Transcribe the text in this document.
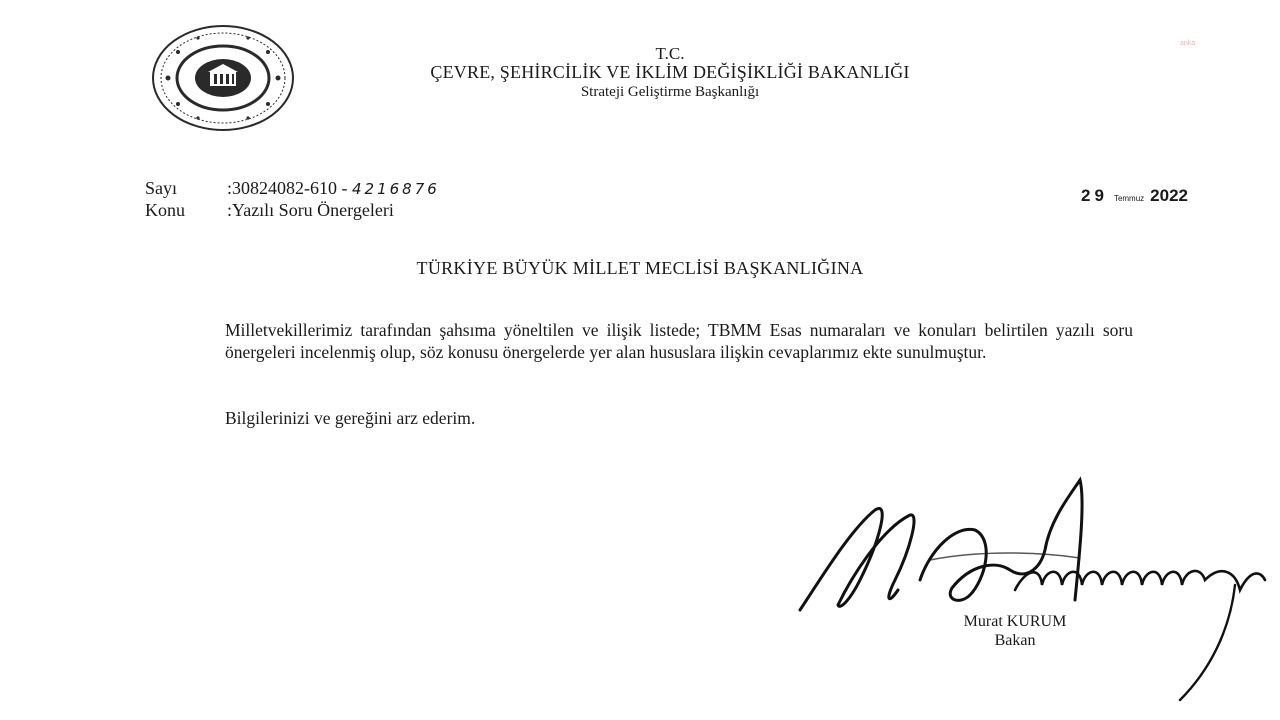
anka
T.C.
ÇEVRE, ŞEHİRCİLİK VE İKLİM DEĞİŞİKLİĞİ BAKANLIĞI
Strateji Geliştirme Başkanlığı
Sayı	:30824082-610 - 4216876
Konu :Yazılı Soru Önergeleri
29 Temmuz 2022
TÜRKİYE BÜYÜK MİLLET MECLİSİ BAŞKANLIĞINA

Milletvekillerimiz tarafından şahsıma yöneltilen ve ilişik listede; TBMM Esas numaraları ve konuları belirtilen yazılı soru önergeleri incelenmiş olup, söz konusu önergelerde yer alan hususlara ilişkin cevaplarımız ekte sunulmuştur.

Bilgilerinizi ve gereğini arz ederim.
Murat KURUM
Bakan
